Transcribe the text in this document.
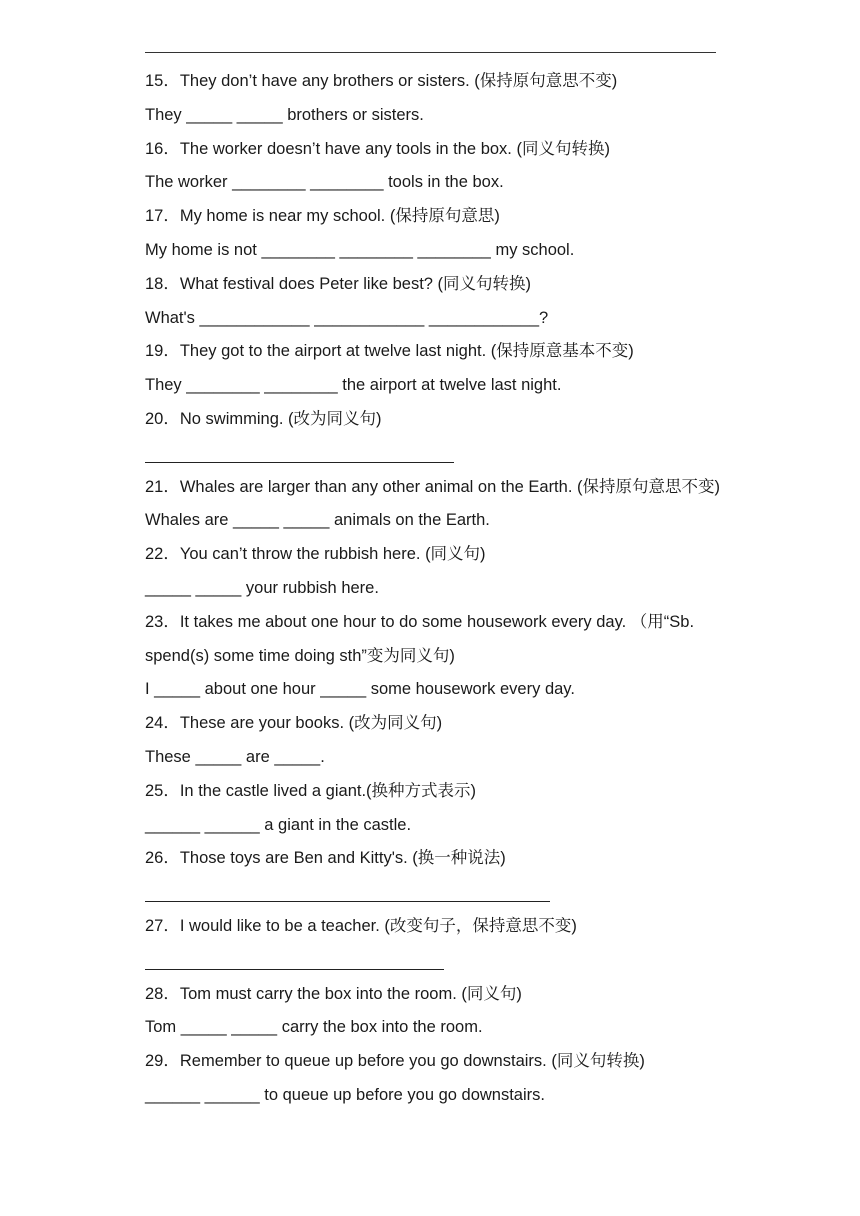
15．They don’t have any brothers or sisters. (保持原句意思不变)
They _____ _____ brothers or sisters.
16．The worker doesn’t have any tools in the box. (同义句转换)
The worker ________ ________ tools in the box.
17．My home is near my school. (保持原句意思)
My home is not ________ ________ ________ my school.
18．What festival does Peter like best? (同义句转换)
What's ____________ ____________ ____________?
19．They got to the airport at twelve last night. (保持原意基本不变)
They ________ ________ the airport at twelve last night.
20．No swimming. (改为同义句)
21．Whales are larger than any other animal on the Earth. (保持原句意思不变)
Whales are _____ _____ animals on the Earth.
22．You can’t throw the rubbish here. (同义句)
_____ _____ your rubbish here.
23．It takes me about one hour to do some housework every day. （用“Sb. spend(s) some time doing sth”变为同义句)
I _____ about one hour _____ some housework every day.
24．These are your books. (改为同义句)
These _____ are _____.
25．In the castle lived a giant.(换种方式表示)
______ ______ a giant in the castle.
26．Those toys are Ben and Kitty's. (换一种说法)
27．I would like to be a teacher. (改变句子，保持意思不变)
28．Tom must carry the box into the room. (同义句)
Tom _____ _____ carry the box into the room.
29．Remember to queue up before you go downstairs. (同义句转换)
______ ______ to queue up before you go downstairs.
